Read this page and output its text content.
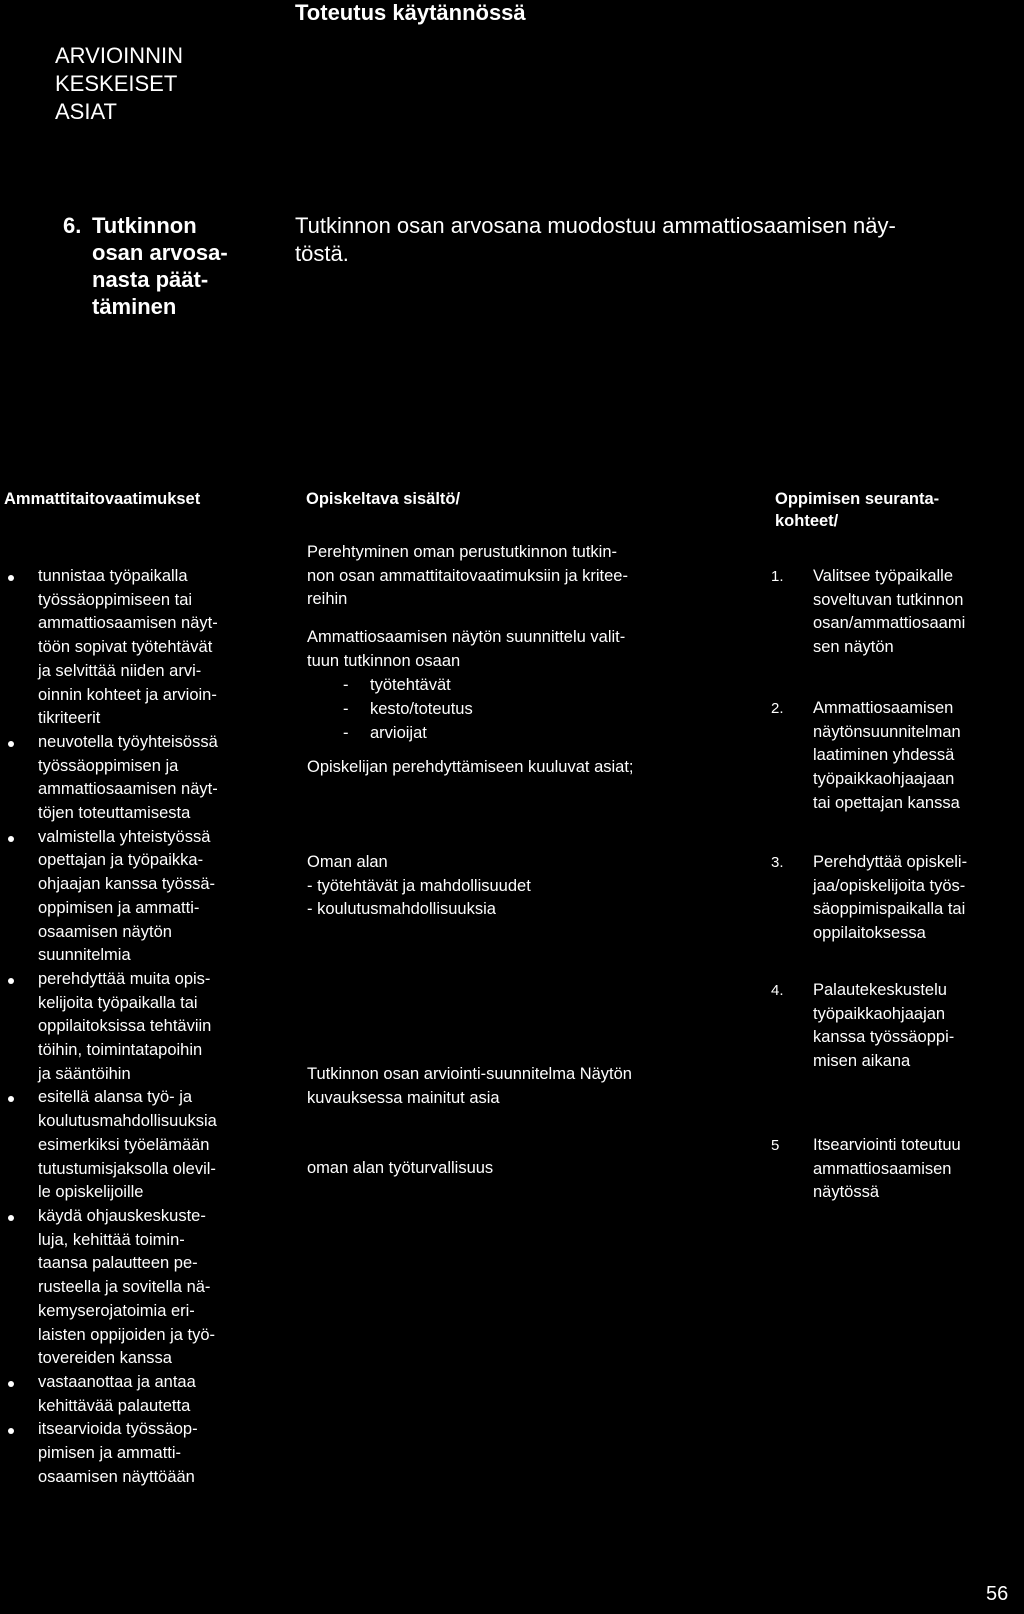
Toteutus käytännössä
ARVIOINNIN
KESKEISET
ASIAT
6. Tutkinnon
osan arvosa-
nasta päät-
täminen
Tutkinnon osan arvosana muodostuu ammattiosaamisen näy-
töstä.
Ammattitaitovaatimukset	Opiskeltava sisältö/	Oppimisen seuranta-
kohteet/
tunnistaa työpaikalla
työssäoppimiseen tai
ammattiosaamisen näyt-
töön sopivat työtehtävät
ja selvittää niiden arvi-
oinnin kohteet ja arvioin-
tikriteerit
neuvotella työyhteisössä
työssäoppimisen ja
ammattiosaamisen näyt-
töjen toteuttamisesta
valmistella yhteistyössä
opettajan ja työpaikka-
ohjaajan kanssa työssä-
oppimisen ja ammatti-
osaamisen näytön
suunnitelmia
perehdyttää muita opis-
kelijoita työpaikalla tai
oppilaitoksissa tehtäviin
töihin, toimintatapoihin
ja sääntöihin
esitellä alansa työ- ja
koulutusmahdollisuuksia
esimerkiksi työelämään
tutustumisjaksolla olevil-
le opiskelijoille
käydä ohjauskeskuste-
luja, kehittää toimin-
taansa palautteen pe-
rusteella ja sovitella nä-
kemyserojatoimia eri-
laisten oppijoiden ja työ-
tovereiden kanssa
vastaanottaa ja antaa
kehittävää palautetta
itsearvioida työssäop-
pimisen ja ammatti-
osaamisen näyttöään
Perehtyminen oman perustutkinnon tutkin-
non osan ammattitaitovaatimuksiin ja kritee-
reihin
Ammattiosaamisen näytön suunnittelu valit-
tuun tutkinnon osaan
- työtehtävät
- kesto/toteutus
- arvioijat
Opiskelijan perehdyttämiseen kuuluvat asiat;
Oman alan
- työtehtävät ja mahdollisuudet
- koulutusmahdollisuuksia
Tutkinnon osan arviointi-suunnitelma Näytön
kuvauksessa mainitut asia
oman alan työturvallisuus
1. Valitsee työpaikalle
soveltuvan tutkinnon
osan/ammattiosaami
sen näytön
2. Ammattiosaamisen
näytönsuunnitelman
laatiminen yhdessä
työpaikkaohjaajaan
tai opettajan kanssa
3. Perehdyttää opiskeli-
jaa/opiskelijoita työs-
säoppimispaikalla tai
oppilaitoksessa
4. Palautekeskustelu
työpaikkaohjaajan
kanssa työssäoppi-
misen aikana
5 Itsearviointi toteutuu
ammattiosaamisen
näytössä
56
